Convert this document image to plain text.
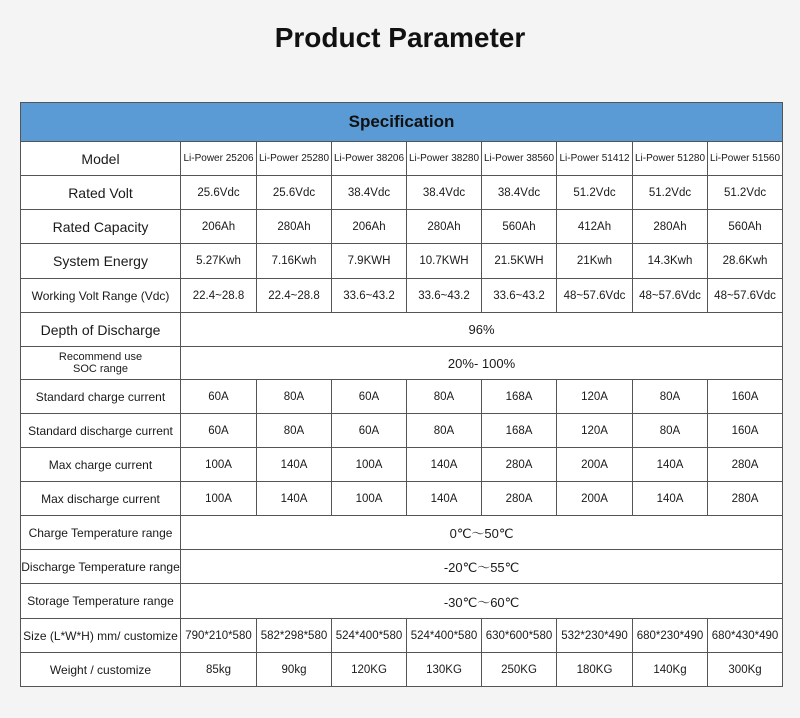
Product Parameter
Specification								
Model	Li-Power 25206	Li-Power 25280	Li-Power 38206	Li-Power 38280	Li-Power 38560	Li-Power 51412	Li-Power 51280	Li-Power 51560
Rated Volt	25.6Vdc	25.6Vdc	38.4Vdc	38.4Vdc	38.4Vdc	51.2Vdc	51.2Vdc	51.2Vdc
Rated Capacity	206Ah	280Ah	206Ah	280Ah	560Ah	412Ah	280Ah	560Ah
System Energy	5.27Kwh	7.16Kwh	7.9KWH	10.7KWH	21.5KWH	21Kwh	14.3Kwh	28.6Kwh
Working Volt Range (Vdc)	22.4~28.8	22.4~28.8	33.6~43.2	33.6~43.2	33.6~43.2	48~57.6Vdc	48~57.6Vdc	48~57.6Vdc
Depth of Discharge	96%							

Recommend use
SOC range	20%- 100%							
Standard charge current	60A	80A	60A	80A	168A	120A	80A	160A
Standard discharge current	60A	80A	60A	80A	168A	120A	80A	160A
Max charge current	100A	140A	100A	140A	280A	200A	140A	280A
Max discharge current	100A	140A	100A	140A	280A	200A	140A	280A
Charge Temperature range	0℃～50℃							
Discharge Temperature range	-20℃～55℃							
Storage Temperature range	-30℃～60℃							
Size (L*W*H) mm/ customize	790*210*580	582*298*580	524*400*580	524*400*580	630*600*580	532*230*490	680*230*490	680*430*490
Weight / customize	85kg	90kg	120KG	130KG	250KG	180KG	140Kg	300Kg
